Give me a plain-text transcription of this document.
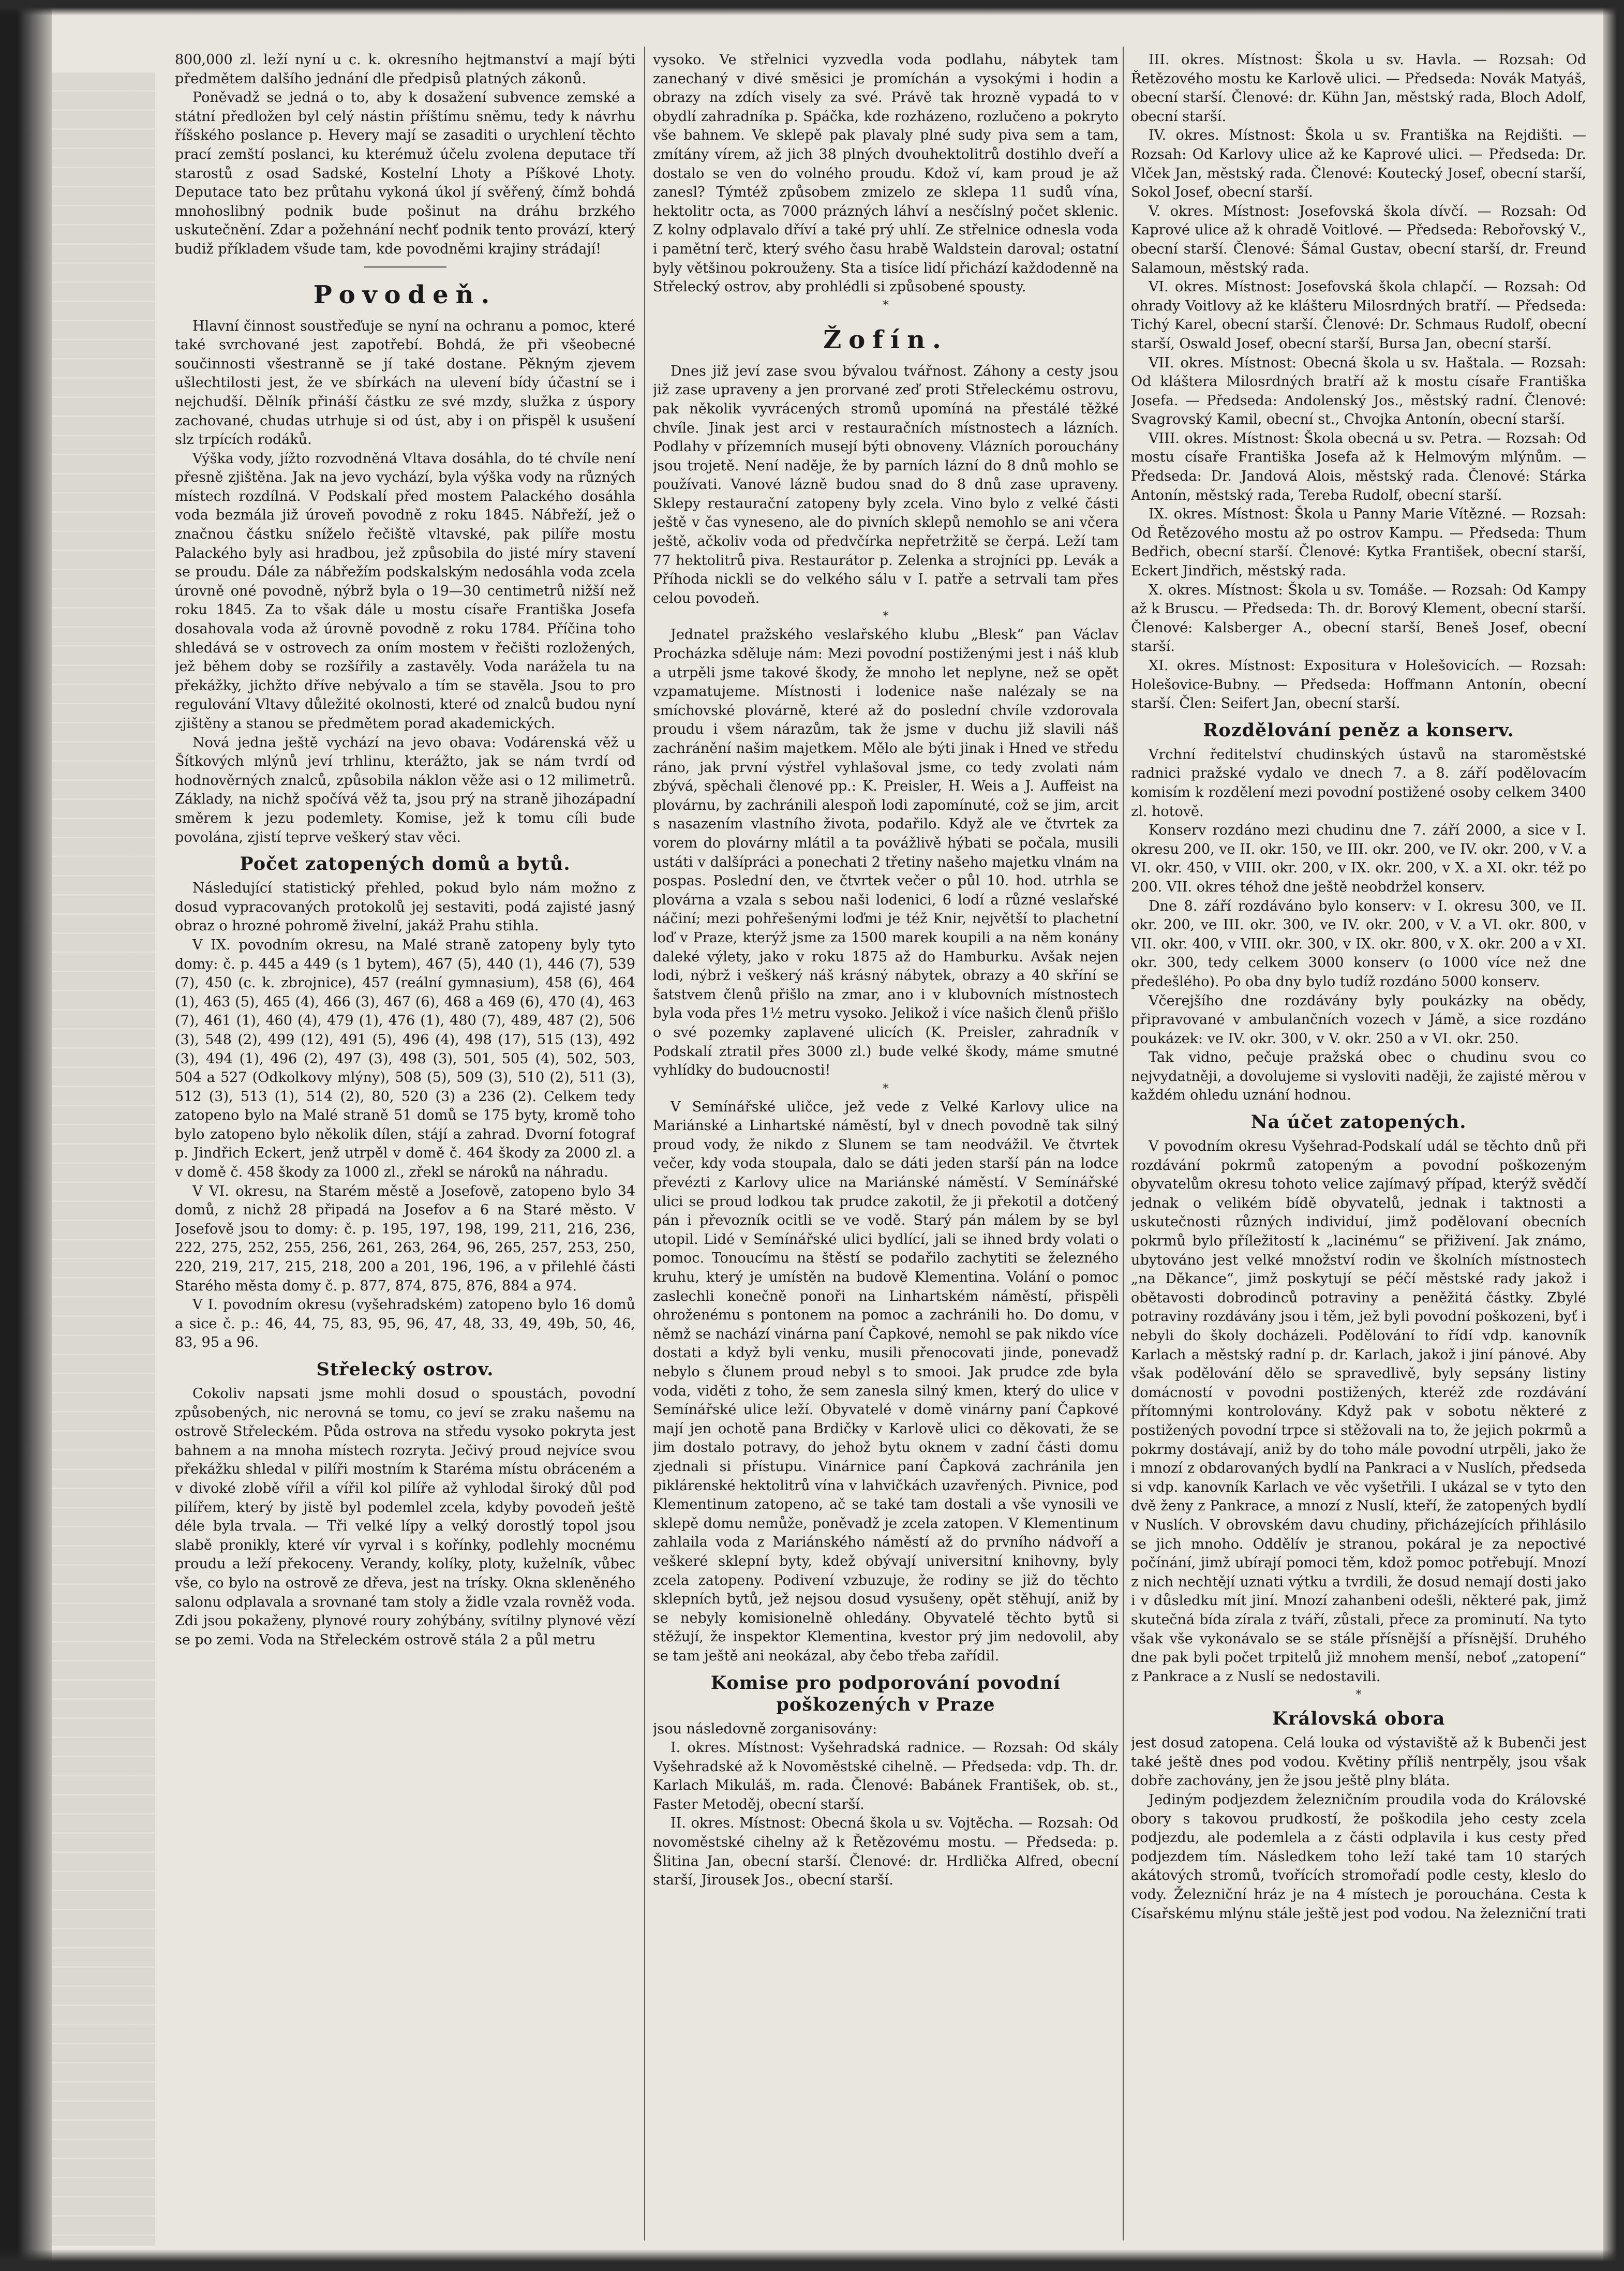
800,000 zl. leží nyní u c. k. okresního hejtmanství a mají býti předmětem dalšího jednání dle předpisů platných zákonů.

Poněvadž se jedná o to, aby k dosažení subvence zemské a státní předložen byl celý nástin příštímu sněmu, tedy k návrhu říšského poslance p. Hevery mají se zasaditi o urychlení těchto prací zemští poslanci, ku kterémuž účelu zvolena deputace tří starostů z osad Sadské, Kostelní Lhoty a Píškové Lhoty. Deputace tato bez průtahu vykoná úkol jí svěřený, čímž bohdá mnohoslibný podnik bude pošinut na dráhu brzkého uskutečnění. Zdar a požehnání nechť podnik tento provází, který budiž příkladem všude tam, kde povodněmi krajiny strádají!

Povodeň.

Hlavní činnost soustřeďuje se nyní na ochranu a pomoc, které také svrchované jest zapotřebí. Bohdá, že při všeobecné součinnosti všestranně se jí také dostane. Pěkným zjevem ušlechtilosti jest, že ve sbírkách na ulevení bídy účastní se i nejchudší. Dělník přináší částku ze své mzdy, služka z úspory zachované, chudas utrhuje si od úst, aby i on přispěl k usušení slz trpících rodáků.

Výška vody, jížto rozvodněná Vltava dosáhla, do té chvíle není přesně zjištěna. Jak na jevo vychází, byla výška vody na různých místech rozdílná. V Podskalí před mostem Palackého dosáhla voda bezmála již úroveň povodně z roku 1845. Nábřeží, jež o značnou částku sníželo řečiště vltavské, pak pilíře mostu Palackého byly asi hradbou, jež způsobila do jisté míry stavení se proudu. Dále za nábřežím podskalským nedosáhla voda zcela úrovně oné povodně, nýbrž byla o 19—30 centimetrů nižší než roku 1845. Za to však dále u mostu císaře Františka Josefa dosahovala voda až úrovně povodně z roku 1784. Příčina toho shledává se v ostrovech za oním mostem v řečišti rozložených, jež během doby se rozšířily a zastavěly. Voda narážela tu na překážky, jichžto dříve nebývalo a tím se stavěla. Jsou to pro regulování Vltavy důležité okolnosti, které od znalců budou nyní zjištěny a stanou se předmětem porad akademických.

Nová jedna ještě vychází na jevo obava: Vodárenská věž u Šítkových mlýnů jeví trhlinu, kterážto, jak se nám tvrdí od hodnověrných znalců, způsobila náklon věže asi o 12 milimetrů. Základy, na nichž spočívá věž ta, jsou prý na straně jihozápadní směrem k jezu podemlety. Komise, jež k tomu cíli bude povolána, zjistí teprve veškerý stav věci.

Počet zatopených domů a bytů.

Následující statistický přehled, pokud bylo nám možno z dosud vypracovaných protokolů jej sestaviti, podá zajisté jasný obraz o hrozné pohromě živelní, jakáž Prahu stihla.

V IX. povodním okresu, na Malé straně zatopeny byly tyto domy: č. p. 445 a 449 (s 1 bytem), 467 (5), 440 (1), 446 (7), 539 (7), 450 (c. k. zbrojnice), 457 (reální gymnasium), 458 (6), 464 (1), 463 (5), 465 (4), 466 (3), 467 (6), 468 a 469 (6), 470 (4), 463 (7), 461 (1), 460 (4), 479 (1), 476 (1), 480 (7), 489, 487 (2), 506 (3), 548 (2), 499 (12), 491 (5), 496 (4), 498 (17), 515 (13), 492 (3), 494 (1), 496 (2), 497 (3), 498 (3), 501, 505 (4), 502, 503, 504 a 527 (Odkolkovy mlýny), 508 (5), 509 (3), 510 (2), 511 (3), 512 (3), 513 (1), 514 (2), 80, 520 (3) a 236 (2). Celkem tedy zatopeno bylo na Malé straně 51 domů se 175 byty, kromě toho bylo zatopeno bylo několik dílen, stájí a zahrad. Dvorní fotograf p. Jindřich Eckert, jenž utrpěl v domě č. 464 škody za 2000 zl. a v domě č. 458 škody za 1000 zl., zřekl se nároků na náhradu.

V VI. okresu, na Starém městě a Josefově, zatopeno bylo 34 domů, z nichž 28 připadá na Josefov a 6 na Staré město. V Josefově jsou to domy: č. p. 195, 197, 198, 199, 211, 216, 236, 222, 275, 252, 255, 256, 261, 263, 264, 96, 265, 257, 253, 250, 220, 219, 217, 215, 218, 200 a 201, 196, 196, a v přilehlé části Starého města domy č. p. 877, 874, 875, 876, 884 a 974.

V I. povodním okresu (vyšehradském) zatopeno bylo 16 domů a sice č. p.: 46, 44, 75, 83, 95, 96, 47, 48, 33, 49, 49b, 50, 46, 83, 95 a 96.

Střelecký ostrov.

Cokoliv napsati jsme mohli dosud o spoustách, povodní způsobených, nic nerovná se tomu, co jeví se zraku našemu na ostrově Střeleckém. Půda ostrova na středu vysoko pokryta jest bahnem a na mnoha místech rozryta. Ječivý proud nejvíce svou překážku shledal v pilíři mostním k Staréma místu obráceném a v divoké zlobě vířil a vířil kol pilíře až vyhlodal široký důl pod pilířem, který by jistě byl podemlel zcela, kdyby povodeň ještě déle byla trvala. — Tři velké lípy a velký dorostlý topol jsou slabě pronikly, které vír vyrval i s kořínky, podlehly mocnému proudu a leží překoceny. Verandy, kolíky, ploty, kuželník, vůbec vše, co bylo na ostrově ze dřeva, jest na trísky. Okna skleněného salonu odplavala a srovnané tam stoly a židle vzala rovněž voda. Zdi jsou pokaženy, plynové roury zohýbány, svítilny plynové vězí se po zemi. Voda na Střeleckém ostrově stála 2 a půl metru

vysoko. Ve střelnici vyzvedla voda podlahu, nábytek tam zanechaný v divé směsici je promíchán a vysokými i hodin a obrazy na zdích visely za své. Právě tak hrozně vypadá to v obydlí zahradníka p. Spáčka, kde rozházeno, rozlučeno a pokryto vše bahnem. Ve sklepě pak plavaly plné sudy piva sem a tam, zmítány vírem, až jich 38 plných dvouhektolitrů dostihlo dveří a dostalo se ven do volného proudu. Kdož ví, kam proud je až zanesl? Týmtéž způsobem zmizelo ze sklepa 11 sudů vína, hektolitr octa, as 7000 prázných láhví a nesčíslný počet sklenic. Z kolny odplavalo dříví a také prý uhlí. Ze střelnice odnesla voda i pamětní terč, který svého času hrabě Waldstein daroval; ostatní byly většinou pokrouženy. Sta a tisíce lidí přichází každodenně na Střelecký ostrov, aby prohlédli si způsobené spousty.

*
Žofín.

Dnes již jeví zase svou bývalou tvářnost. Záhony a cesty jsou již zase upraveny a jen prorvané zeď proti Střeleckému ostrovu, pak několik vyvrácených stromů upomíná na přestálé těžké chvíle. Jinak jest arci v restauračních místnostech a lázních. Podlahy v přízemních musejí býti obnoveny. Vlázních porouchány jsou trojetě. Není naděje, že by parních lázní do 8 dnů mohlo se používati. Vanové lázně budou snad do 8 dnů zase upraveny. Sklepy restaurační zatopeny byly zcela. Vino bylo z velké části ještě v čas vyneseno, ale do pivních sklepů nemohlo se ani včera ještě, ačkoliv voda od předvčírka nepřetržitě se čerpá. Leží tam 77 hektolitrů piva. Restaurátor p. Zelenka a strojníci pp. Levák a Příhoda nickli se do velkého sálu v I. patře a setrvali tam přes celou povodeň.

*

Jednatel pražského veslařského klubu „Blesk“ pan Václav Procházka sděluje nám: Mezi povodní postiženými jest i náš klub a utrpěli jsme takové škody, že mnoho let neplyne, než se opět vzpamatujeme. Místnosti i lodenice naše nalézaly se na smíchovské plovárně, které až do poslední chvíle vzdorovala proudu i všem nárazům, tak že jsme v duchu již slavili náš zachránění našim majetkem. Mělo ale býti jinak i Hned ve středu ráno, jak první výstřel vyhlašoval jsme, co tedy zvolati nám zbývá, spěchali členové pp.: K. Preisler, H. Weis a J. Auffeist na plovárnu, by zachránili alespoň lodi zapomínuté, což se jim, arcit s nasazením vlastního života, podařilo. Když ale ve čtvrtek za vorem do plovárny mlátil a ta povážlivě hýbati se počala, musili ustáti v dalšípráci a ponechati 2 třetiny našeho majetku vlnám na pospas. Poslední den, ve čtvrtek večer o půl 10. hod. utrhla se plovárna a vzala s sebou naši lodenici, 6 lodí a různé veslařské náčiní; mezi pohřešenými loďmi je též Knir, největší to plachetní loď v Praze, kterýž jsme za 1500 marek koupili a na něm konány daleké výlety, jako v roku 1875 až do Hamburku. Avšak nejen lodi, nýbrž i veškerý náš krásný nábytek, obrazy a 40 skříní se šatstvem členů přišlo na zmar, ano i v klubovních místnostech byla voda přes 1½ metru vysoko. Jelikož i více našich členů přišlo o své pozemky zaplavené ulicích (K. Preisler, zahradník v Podskalí ztratil přes 3000 zl.) bude velké škody, máme smutné vyhlídky do budoucnosti!

*

V Semínářské uličce, jež vede z Velké Karlovy ulice na Mariánské a Linhartské náměstí, byl v dnech povodně tak silný proud vody, že nikdo z Slunem se tam neodvážil. Ve čtvrtek večer, kdy voda stoupala, dalo se dáti jeden starší pán na lodce převézti z Karlovy ulice na Mariánské náměstí. V Semínářské ulici se proud lodkou tak prudce zakotil, že ji překotil a dotčený pán i převozník ocitli se ve vodě. Starý pán málem by se byl utopil. Lidé v Semínářské ulici bydlící, jali se ihned brdy volati o pomoc. Tonoucímu na štěstí se podařilo zachytiti se železného kruhu, který je umístěn na budově Klementina. Volání o pomoc zaslechli konečně ponoři na Linhartském náměstí, přispěli ohroženému s pontonem na pomoc a zachránili ho. Do domu, v němž se nachází vinárna paní Čapkové, nemohl se pak nikdo více dostati a když byli venku, musili přenocovati jinde, ponevadž nebylo s člunem proud nebyl s to smooi. Jak prudce zde byla voda, viděti z toho, že sem zanesla silný kmen, který do ulice v Semínářské ulice leží. Obyvatelé v domě vinárny paní Čapkové mají jen ochotě pana Brdičky v Karlově ulici co děkovati, že se jim dostalo potravy, do jehož bytu oknem v zadní části domu zjednali si přístupu. Vinárnice paní Čapková zachránila jen piklárenské hektolitrů vína v lahvičkách uzavřených. Pivnice, pod Klementinum zatopeno, ač se také tam dostali a vše vynosili ve sklepě domu nemůže, poněvadž je zcela zatopen. V Klementinum zahlaila voda z Mariánského náměstí až do prvního nádvoří a veškeré sklepní byty, kdež obývají universitní knihovny, byly zcela zatopeny. Podivení vzbuzuje, že rodiny se již do těchto sklepních bytů, jež nejsou dosud vysušeny, opět stěhují, aniž by se nebyly komisionelně ohledány. Obyvatelé těchto bytů si stěžují, že inspektor Klementina, kvestor prý jim nedovolil, aby se tam ještě ani neokázal, aby čebo třeba zařídil.

Komise pro podporování povodní poškozených v Praze

jsou následovně zorganisovány:

I. okres. Místnost: Vyšehradská radnice. — Rozsah: Od skály Vyšehradské až k Novoměstské cihelně. — Předseda: vdp. Th. dr. Karlach Mikuláš, m. rada. Členové: Babánek František, ob. st., Faster Metoděj, obecní starší.

II. okres. Místnost: Obecná škola u sv. Vojtěcha. — Rozsah: Od novoměstské cihelny až k Řetězovému mostu. — Předseda: p. Šlitina Jan, obecní starší. Členové: dr. Hrdlička Alfred, obecní starší, Jirousek Jos., obecní starší.

III. okres. Místnost: Škola u sv. Havla. — Rozsah: Od Řetězového mostu ke Karlově ulici. — Předseda: Novák Matyáš, obecní starší. Členové: dr. Kühn Jan, městský rada, Bloch Adolf, obecní starší.

IV. okres. Místnost: Škola u sv. Františka na Rejdišti. — Rozsah: Od Karlovy ulice až ke Kaprové ulici. — Předseda: Dr. Vlček Jan, městský rada. Členové: Koutecký Josef, obecní starší, Sokol Josef, obecní starší.

V. okres. Místnost: Josefovská škola dívčí. — Rozsah: Od Kaprové ulice až k ohradě Voitlové. — Předseda: Rebořovský V., obecní starší. Členové: Šámal Gustav, obecní starší, dr. Freund Salamoun, městský rada.

VI. okres. Místnost: Josefovská škola chlapčí. — Rozsah: Od ohrady Voitlovy až ke klášteru Milosrdných bratří. — Předseda: Tichý Karel, obecní starší. Členové: Dr. Schmaus Rudolf, obecní starší, Oswald Josef, obecní starší, Bursa Jan, obecní starší.

VII. okres. Místnost: Obecná škola u sv. Haštala. — Rozsah: Od kláštera Milosrdných bratří až k mostu císaře Františka Josefa. — Předseda: Andolenský Jos., městský radní. Členové: Svagrovský Kamil, obecní st., Chvojka Antonín, obecní starší.

VIII. okres. Místnost: Škola obecná u sv. Petra. — Rozsah: Od mostu císaře Františka Josefa až k Helmovým mlýnům. — Předseda: Dr. Jandová Alois, městský rada. Členové: Stárka Antonín, městský rada, Tereba Rudolf, obecní starší.

IX. okres. Místnost: Škola u Panny Marie Vítězné. — Rozsah: Od Řetězového mostu až po ostrov Kampu. — Předseda: Thum Bedřich, obecní starší. Členové: Kytka František, obecní starší, Eckert Jindřich, městský rada.

X. okres. Místnost: Škola u sv. Tomáše. — Rozsah: Od Kampy až k Bruscu. — Předseda: Th. dr. Borový Klement, obecní starší. Členové: Kalsberger A., obecní starší, Beneš Josef, obecní starší.

XI. okres. Místnost: Expositura v Holešovicích. — Rozsah: Holešovice-Bubny. — Předseda: Hoffmann Antonín, obecní starší. Člen: Seifert Jan, obecní starší.

Rozdělování peněz a konserv.

Vrchní ředitelství chudinských ústavů na staroměstské radnici pražské vydalo ve dnech 7. a 8. září podělovacím komisím k rozdělení mezi povodní postižené osoby celkem 3400 zl. hotově.

Konserv rozdáno mezi chudinu dne 7. září 2000, a sice v I. okresu 200, ve II. okr. 150, ve III. okr. 200, ve IV. okr. 200, v V. a VI. okr. 450, v VIII. okr. 200, v IX. okr. 200, v X. a XI. okr. též po 200. VII. okres téhož dne ještě neobdržel konserv.

Dne 8. září rozdáváno bylo konserv: v I. okresu 300, ve II. okr. 200, ve III. okr. 300, ve IV. okr. 200, v V. a VI. okr. 800, v VII. okr. 400, v VIII. okr. 300, v IX. okr. 800, v X. okr. 200 a v XI. okr. 300, tedy celkem 3000 konserv (o 1000 více než dne předešlého). Po oba dny bylo tudíž rozdáno 5000 konserv.

Včerejšího dne rozdávány byly poukázky na obědy, připravované v ambulančních vozech v Jámě, a sice rozdáno poukázek: ve IV. okr. 300, v V. okr. 250 a v VI. okr. 250.

Tak vidno, pečuje pražská obec o chudinu svou co nejvydatněji, a dovolujeme si vysloviti naději, že zajisté měrou v každém ohledu uznání hodnou.

Na účet zatopených.

V povodním okresu Vyšehrad-Podskalí udál se těchto dnů při rozdávání pokrmů zatopeným a povodní poškozeným obyvatelům okresu tohoto velice zajímavý případ, kterýž svědčí jednak o velikém bídě obyvatelů, jednak i taktnosti a uskutečnosti různých individuí, jimž podělovaní obecních pokrmů bylo příležitostí k „lacinému“ se přiživení. Jak známo, ubytováno jest velké množství rodin ve školních místnostech „na Děkance“, jimž poskytují se péčí městské rady jakož i obětavosti dobrodinců potraviny a peněžitá částky. Zbylé potraviny rozdávány jsou i těm, jež byli povodní poškozeni, byť i nebyli do školy docházeli. Podělování to řídí vdp. kanovník Karlach a městský radní p. dr. Karlach, jakož i jiní pánové. Aby však podělování dělo se spravedlivě, byly sepsány listiny domácností v povodni postižených, kteréž zde rozdávání přítomnými kontrolovány. Když pak v sobotu některé z postižených povodní trpce si stěžovali na to, že jejich pokrmů a pokrmy dostávají, aniž by do toho mále povodní utrpěli, jako že i mnozí z obdarovaných bydlí na Pankraci a v Nuslích, předseda si vdp. kanovník Karlach ve věc vyšetřili. I ukázal se v tyto den dvě ženy z Pankrace, a mnozí z Nuslí, kteří, že zatopených bydlí v Nuslích. V obrovském davu chudiny, přicházejících přihlásilo se jich mnoho. Oddělív je stranou, pokáral je za nepoctivé počínání, jimž ubírají pomoci těm, kdož pomoc potřebují. Mnozí z nich nechtějí uznati výtku a tvrdili, že dosud nemají dosti jako i v důsledku mít jiní. Mnozí zahanbeni odešli, některé pak, jimž skutečná bída zírala z tváří, zůstali, přece za prominutí. Na tyto však vše vykonávalo se se stále přísnější a přísnější. Druhého dne pak byli počet trpitelů již mnohem menší, neboť „zatopení“ z Pankrace a z Nuslí se nedostavili.

*
Královská obora

jest dosud zatopena. Celá louka od výstaviště až k Bubenči jest také ještě dnes pod vodou. Květiny příliš nentrpěly, jsou však dobře zachovány, jen že jsou ještě plny bláta.

Jediným podjezdem železničním proudila voda do Královské obory s takovou prudkostí, že poškodila jeho cesty zcela podjezdu, ale podemlela a z části odplavila i kus cesty před podjezdem tím. Následkem toho leží také tam 10 starých akátových stromů, tvořících stromořadí podle cesty, kleslo do vody. Železniční hráz je na 4 místech je porouchána. Cesta k Císařskému mlýnu stále ještě jest pod vodou. Na železniční trati
